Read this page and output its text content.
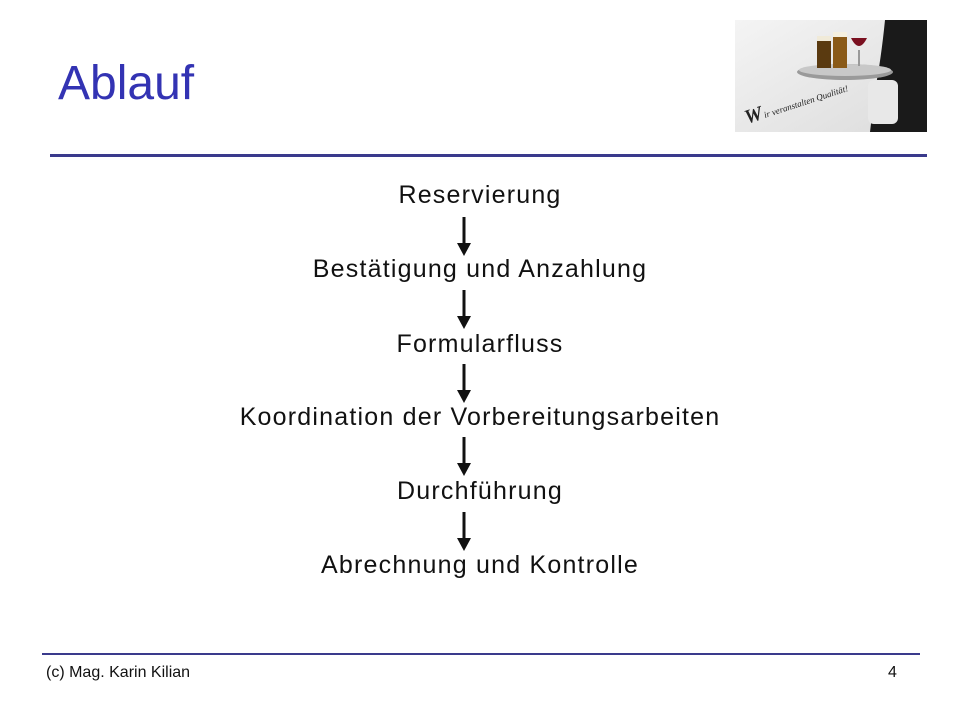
Ablauf
W
ir veranstalten Qualität!
Reservierung
Bestätigung und Anzahlung
Formularfluss
Koordination der Vorbereitungsarbeiten
Durchführung
Abrechnung und Kontrolle
(c) Mag. Karin Kilian	4
